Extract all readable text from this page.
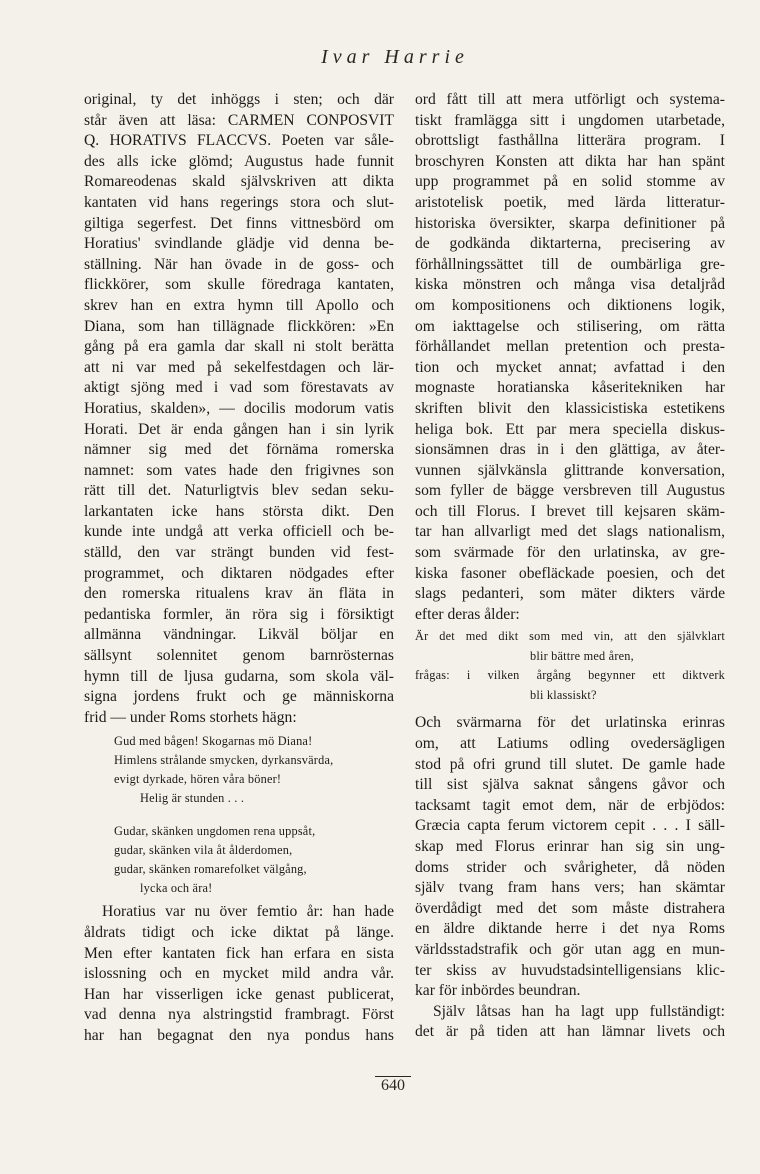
Ivar Harrie
original, ty det inhöggs i sten; och där
står även att läsa: CARMEN CONPOSVIT
Q. HORATIVS FLACCVS. Poeten var såle-
des alls icke glömd; Augustus hade funnit
Romareodenas skald självskriven att dikta
kantaten vid hans regerings stora och slut-
giltiga segerfest. Det finns vittnesbörd om
Horatius' svindlande glädje vid denna be-
ställning. När han övade in de goss- och
flickkörer, som skulle föredraga kantaten,
skrev han en extra hymn till Apollo och
Diana, som han tillägnade flickkören: »En
gång på era gamla dar skall ni stolt berätta
att ni var med på sekelfestdagen och lär-
aktigt sjöng med i vad som förestavats av
Horatius, skalden», — docilis modorum vatis
Horati. Det är enda gången han i sin lyrik
nämner sig med det förnäma romerska
namnet: som vates hade den frigivnes son
rätt till det. Naturligtvis blev sedan seku-
larkantaten icke hans största dikt. Den
kunde inte undgå att verka officiell och be-
ställd, den var strängt bunden vid fest-
programmet, och diktaren nödgades efter
den romerska ritualens krav än fläta in
pedantiska formler, än röra sig i försiktigt
allmänna vändningar. Likväl böljar en
sällsynt solennitet genom barnrösternas
hymn till de ljusa gudarna, som skola väl-
signa jordens frukt och ge människorna
frid — under Roms storhets hägn:
Gud med bågen! Skogarnas mö Diana!
Himlens strålande smycken, dyrkansvärda,
evigt dyrkade, hören våra böner!
Helig är stunden . . .
Gudar, skänken ungdomen rena uppsåt,
gudar, skänken vila åt ålderdomen,
gudar, skänken romarefolket välgång,
lycka och ära!
Horatius var nu över femtio år: han hade
åldrats tidigt och icke diktat på länge.
Men efter kantaten fick han erfara en sista
islossning och en mycket mild andra vår.
Han har visserligen icke genast publicerat,
vad denna nya alstringstid frambragt. Först
har han begagnat den nya pondus hans
ord fått till att mera utförligt och systema-
tiskt framlägga sitt i ungdomen utarbetade,
obrottsligt fasthållna litterära program. I
broschyren Konsten att dikta har han spänt
upp programmet på en solid stomme av
aristotelisk poetik, med lärda litteratur-
historiska översikter, skarpa definitioner på
de godkända diktarterna, precisering av
förhållningssättet till de oumbärliga gre-
kiska mönstren och många visa detaljråd
om kompositionens och diktionens logik,
om iakttagelse och stilisering, om rätta
förhållandet mellan pretention och presta-
tion och mycket annat; avfattad i den
mognaste horatianska kåseritekniken har
skriften blivit den klassicistiska estetikens
heliga bok. Ett par mera speciella diskus-
sionsämnen dras in i den glättiga, av åter-
vunnen självkänsla glittrande konversation,
som fyller de bägge versbreven till Augustus
och till Florus. I brevet till kejsaren skäm-
tar han allvarligt med det slags nationalism,
som svärmade för den urlatinska, av gre-
kiska fasoner obefläckade poesien, och det
slags pedanteri, som mäter dikters värde
efter deras ålder:
Är det med dikt som med vin, att den självklart
blir bättre med åren,
frågas: i vilken årgång begynner ett diktverk
bli klassiskt?
Och svärmarna för det urlatinska erinras
om, att Latiums odling ovedersägligen
stod på ofri grund till slutet. De gamle hade
till sist själva saknat sångens gåvor och
tacksamt tagit emot dem, när de erbjödos:
Græcia capta ferum victorem cepit . . . I säll-
skap med Florus erinrar han sig sin ung-
doms strider och svårigheter, då nöden
själv tvang fram hans vers; han skämtar
överdådigt med det som måste distrahera
en äldre diktande herre i det nya Roms
världsstadstrafik och gör utan agg en mun-
ter skiss av huvudstadsintelligensians klic-
kar för inbördes beundran.
Själv låtsas han ha lagt upp fullständigt:
det är på tiden att han lämnar livets och
640
